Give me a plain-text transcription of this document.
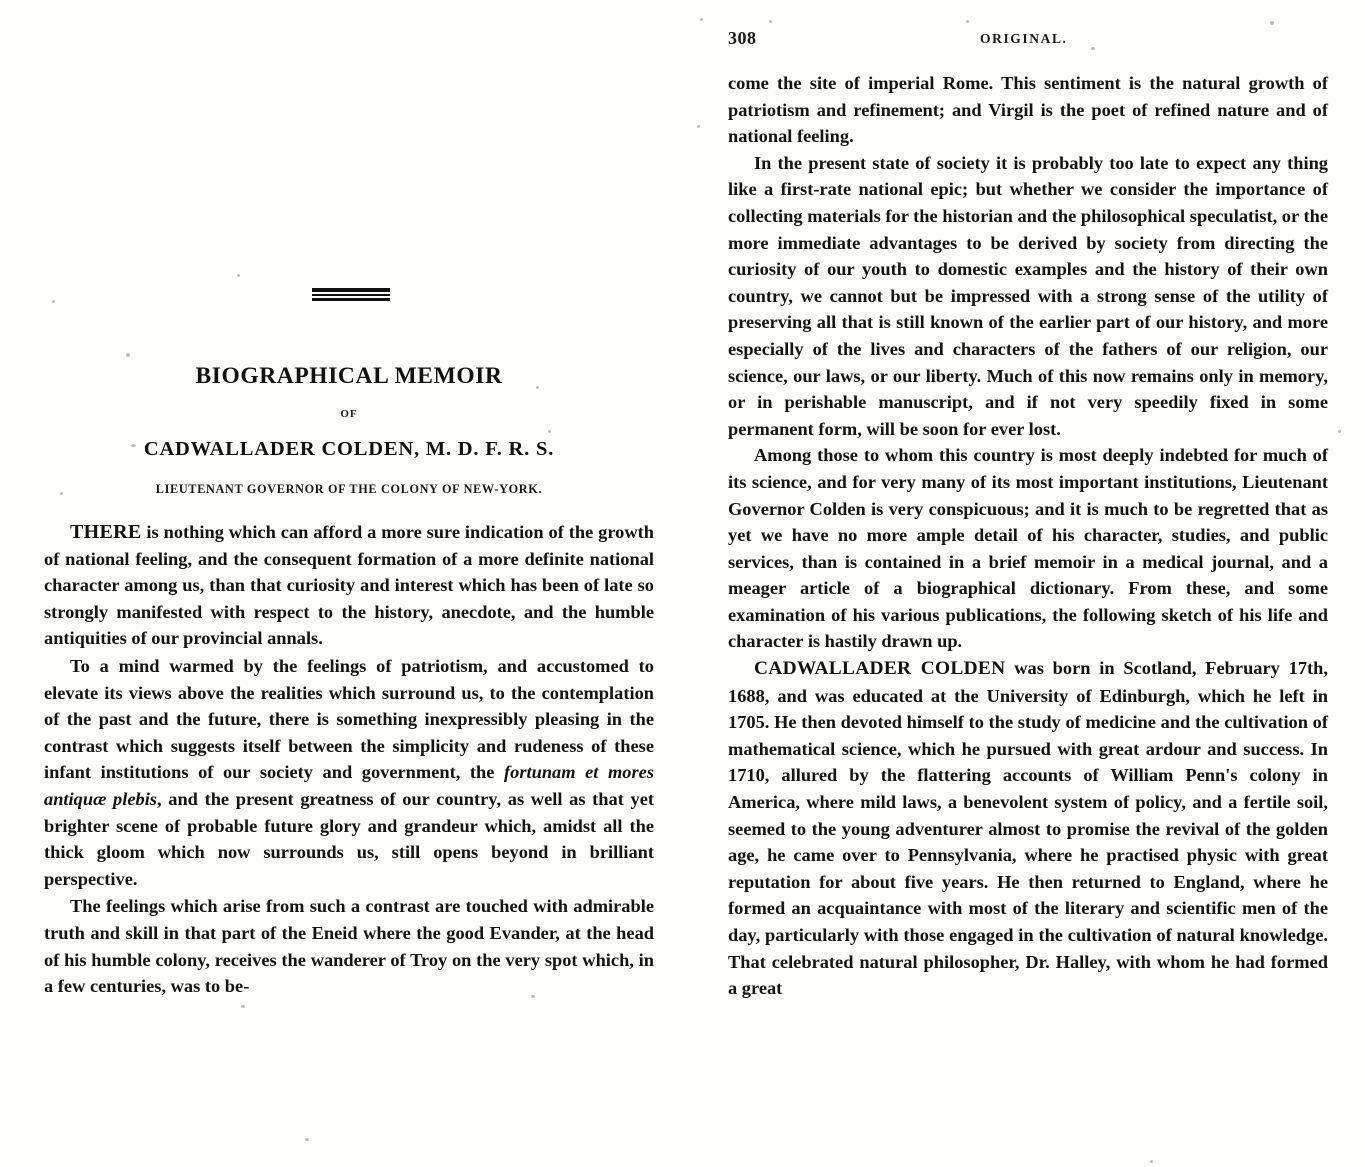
BIOGRAPHICAL MEMOIR
OF
CADWALLADER COLDEN, M. D. F. R. S.
LIEUTENANT GOVERNOR OF THE COLONY OF NEW-YORK.

THERE is nothing which can afford a more sure indication of the growth of national feeling, and the consequent formation of a more definite national character among us, than that curiosity and interest which has been of late so strongly manifested with respect to the history, anecdote, and the humble antiquities of our provincial annals.

To a mind warmed by the feelings of patriotism, and accustomed to elevate its views above the realities which surround us, to the contemplation of the past and the future, there is something inexpressibly pleasing in the contrast which suggests itself between the simplicity and rudeness of these infant institutions of our society and government, the fortunam et mores antiquæ plebis, and the present greatness of our country, as well as that yet brighter scene of probable future glory and grandeur which, amidst all the thick gloom which now surrounds us, still opens beyond in brilliant perspective.

The feelings which arise from such a contrast are touched with admirable truth and skill in that part of the Eneid where the good Evander, at the head of his humble colony, receives the wanderer of Troy on the very spot which, in a few centuries, was to be-

308	ORIGINAL.

come the site of imperial Rome. This sentiment is the natural growth of patriotism and refinement; and Virgil is the poet of refined nature and of national feeling.

In the present state of society it is probably too late to expect any thing like a first-rate national epic; but whether we consider the importance of collecting materials for the historian and the philosophical speculatist, or the more immediate advantages to be derived by society from directing the curiosity of our youth to domestic examples and the history of their own country, we cannot but be impressed with a strong sense of the utility of preserving all that is still known of the earlier part of our history, and more especially of the lives and characters of the fathers of our religion, our science, our laws, or our liberty. Much of this now remains only in memory, or in perishable manuscript, and if not very speedily fixed in some permanent form, will be soon for ever lost.

Among those to whom this country is most deeply indebted for much of its science, and for very many of its most important institutions, Lieutenant Governor Colden is very conspicuous; and it is much to be regretted that as yet we have no more ample detail of his character, studies, and public services, than is contained in a brief memoir in a medical journal, and a meager article of a biographical dictionary. From these, and some examination of his various publications, the following sketch of his life and character is hastily drawn up.

CADWALLADER COLDEN was born in Scotland, February 17th, 1688, and was educated at the University of Edinburgh, which he left in 1705. He then devoted himself to the study of medicine and the cultivation of mathematical science, which he pursued with great ardour and success. In 1710, allured by the flattering accounts of William Penn's colony in America, where mild laws, a benevolent system of policy, and a fertile soil, seemed to the young adventurer almost to promise the revival of the golden age, he came over to Pennsylvania, where he practised physic with great reputation for about five years. He then returned to England, where he formed an acquaintance with most of the literary and scientific men of the day, particularly with those engaged in the cultivation of natural knowledge. That celebrated natural philosopher, Dr. Halley, with whom he had formed a great
